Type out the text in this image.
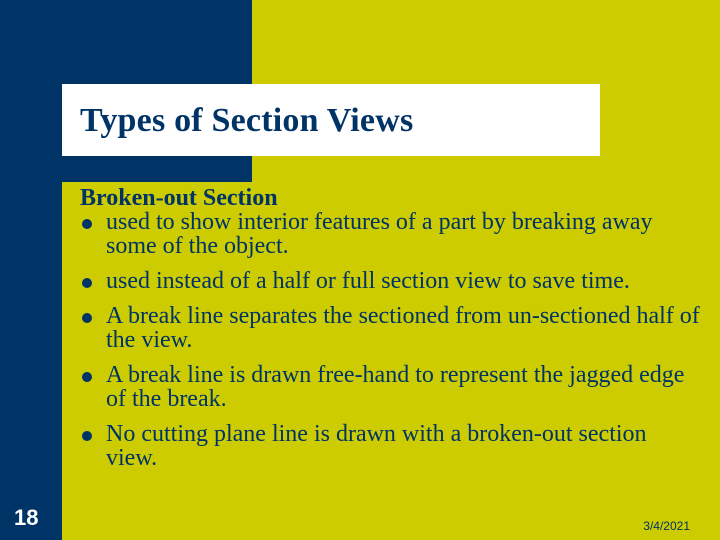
Types of Section Views
Broken-out Section
used to show interior features of a part by breaking away some of the object.
used instead of a half or full section view to save time.
A break line separates the sectioned from un-sectioned half of the view.
A break line is drawn free-hand to represent the jagged edge of the break.
No cutting plane line is drawn with a broken-out section view.
18	3/4/2021
